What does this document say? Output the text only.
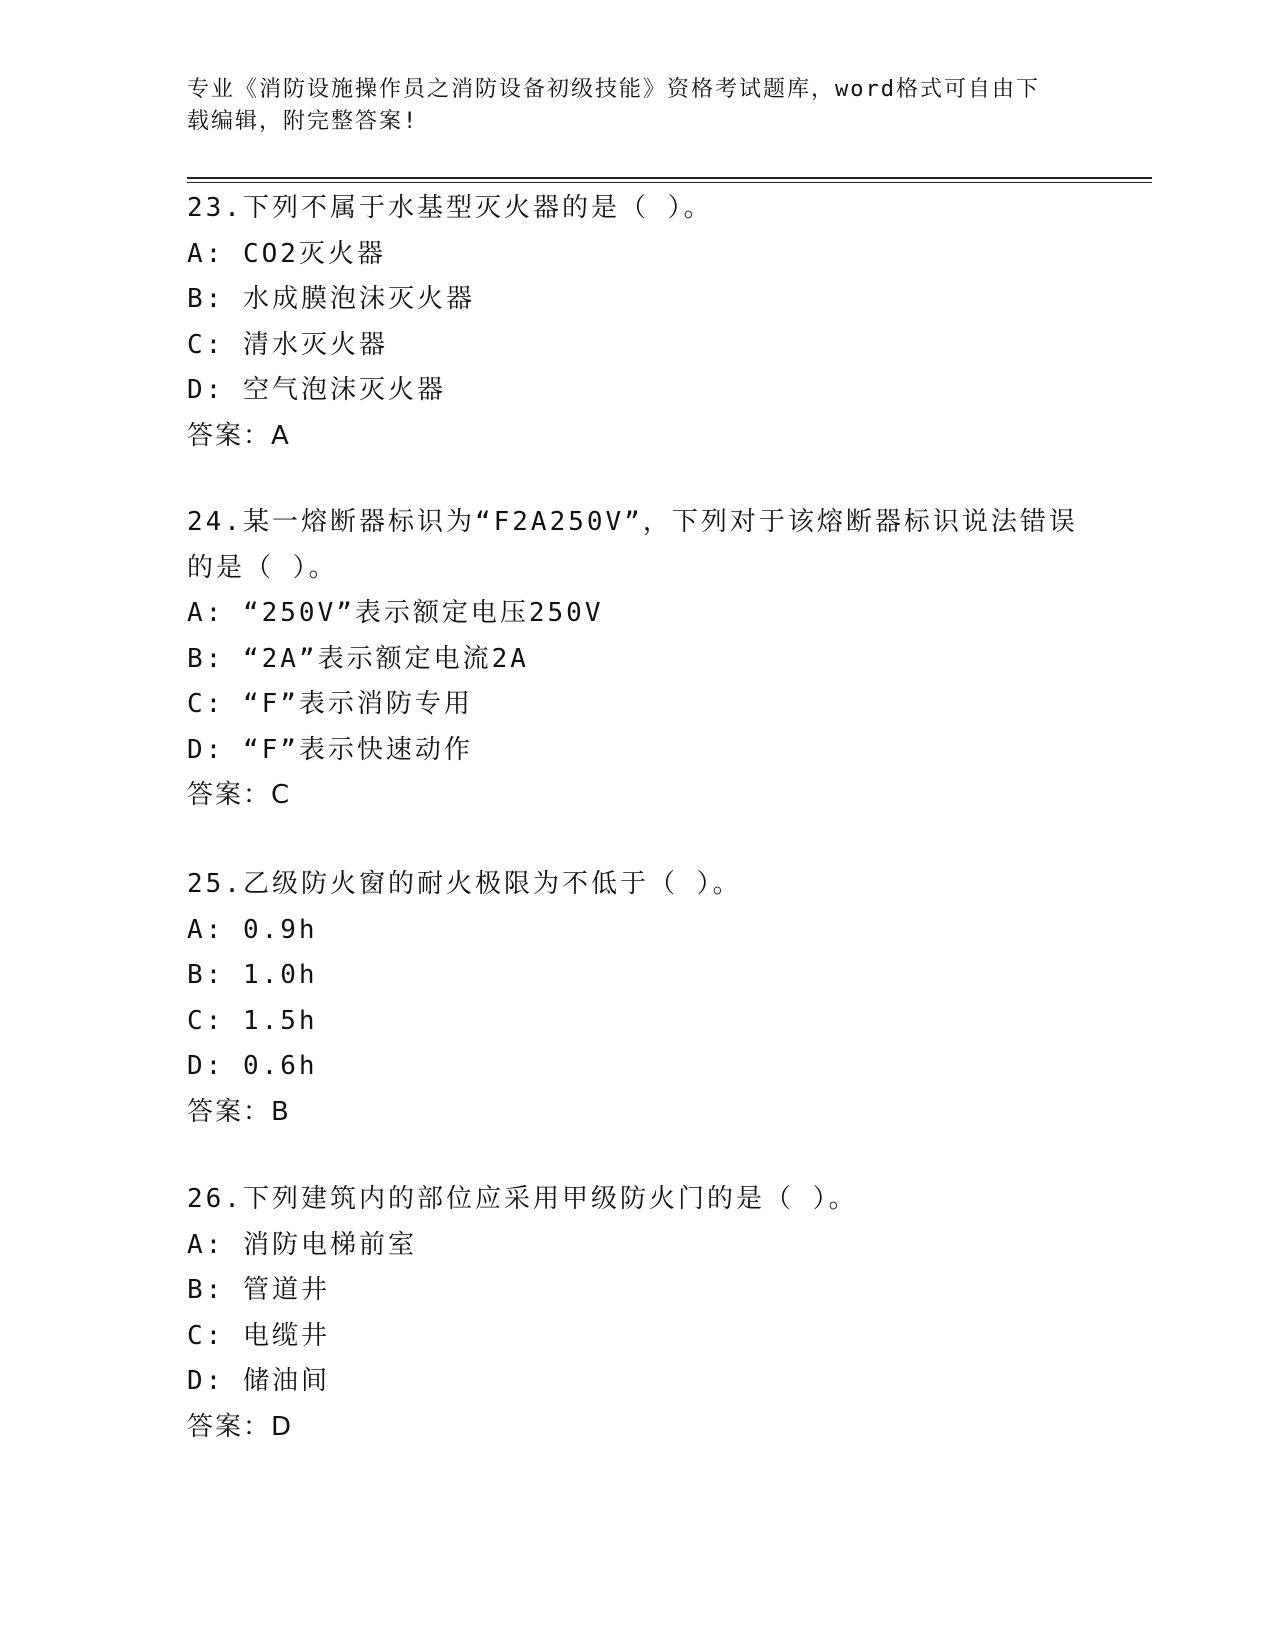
专业《消防设施操作员之消防设备初级技能》资格考试题库，word格式可自由下
载编辑，附完整答案!
23.下列不属于水基型灭火器的是（ ）。
A: CO2灭火器
B: 水成膜泡沫灭火器
C: 清水灭火器
D: 空气泡沫灭火器
答案：A
24.某一熔断器标识为“F2A250V”，下列对于该熔断器标识说法错误
的是（ ）。
A: “250V”表示额定电压250V
B: “2A”表示额定电流2A
C: “F”表示消防专用
D: “F”表示快速动作
答案：C
25.乙级防火窗的耐火极限为不低于（ ）。
A: 0.9h
B: 1.0h
C: 1.5h
D: 0.6h
答案：B
26.下列建筑内的部位应采用甲级防火门的是（ ）。
A: 消防电梯前室
B: 管道井
C: 电缆井
D: 储油间
答案：D
